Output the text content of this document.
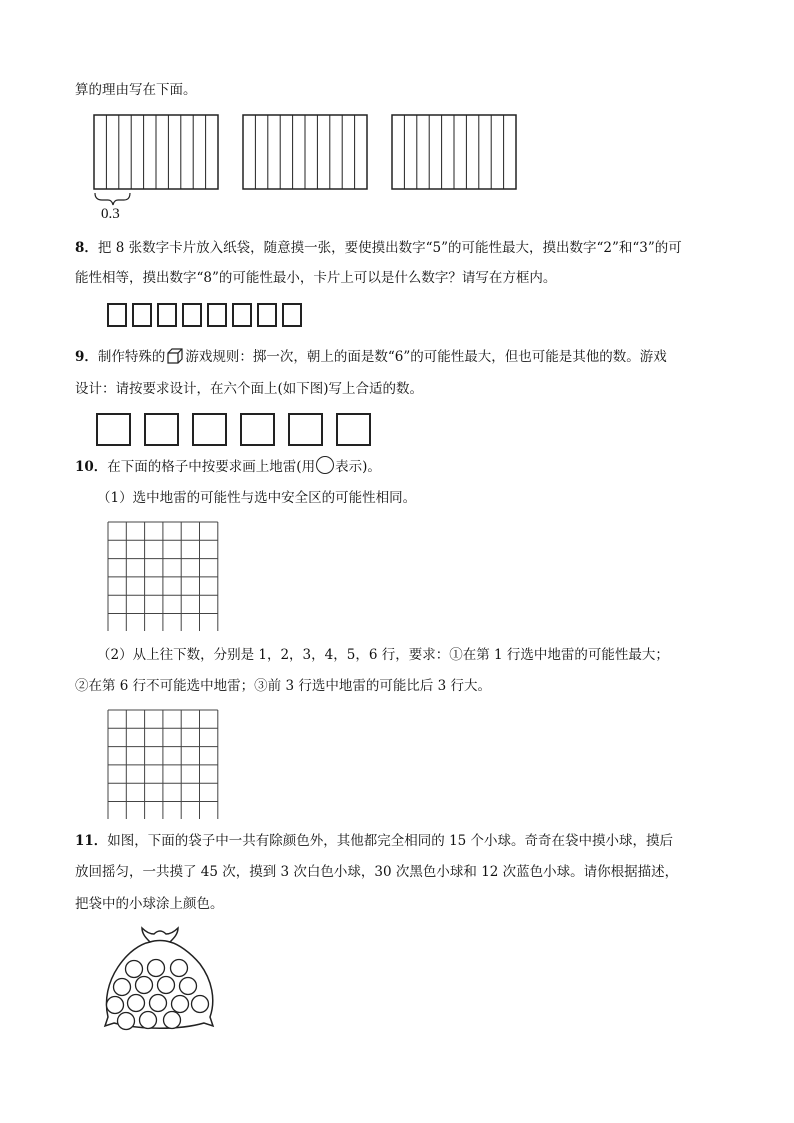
算的理由写在下面。
0.3
8．把 8 张数字卡片放入纸袋，随意摸一张，要使摸出数字“5”的可能性最大，摸出数字“2”和“3”的可
能性相等，摸出数字“8”的可能性最小，卡片上可以是什么数字？请写在方框内。
9．制作特殊的 游戏规则：掷一次，朝上的面是数“6”的可能性最大，但也可能是其他的数。游戏
设计：请按要求设计，在六个面上(如下图)写上合适的数。
10．在下面的格子中按要求画上地雷(用 表示)。
（1）选中地雷的可能性与选中安全区的可能性相同。
（2）从上往下数，分别是 1，2，3，4，5，6 行，要求：①在第 1 行选中地雷的可能性最大；
②在第 6 行不可能选中地雷；③前 3 行选中地雷的可能比后 3 行大。
11．如图，下面的袋子中一共有除颜色外，其他都完全相同的 15 个小球。奇奇在袋中摸小球，摸后
放回摇匀，一共摸了 45 次，摸到 3 次白色小球，30 次黑色小球和 12 次蓝色小球。请你根据描述，
把袋中的小球涂上颜色。
